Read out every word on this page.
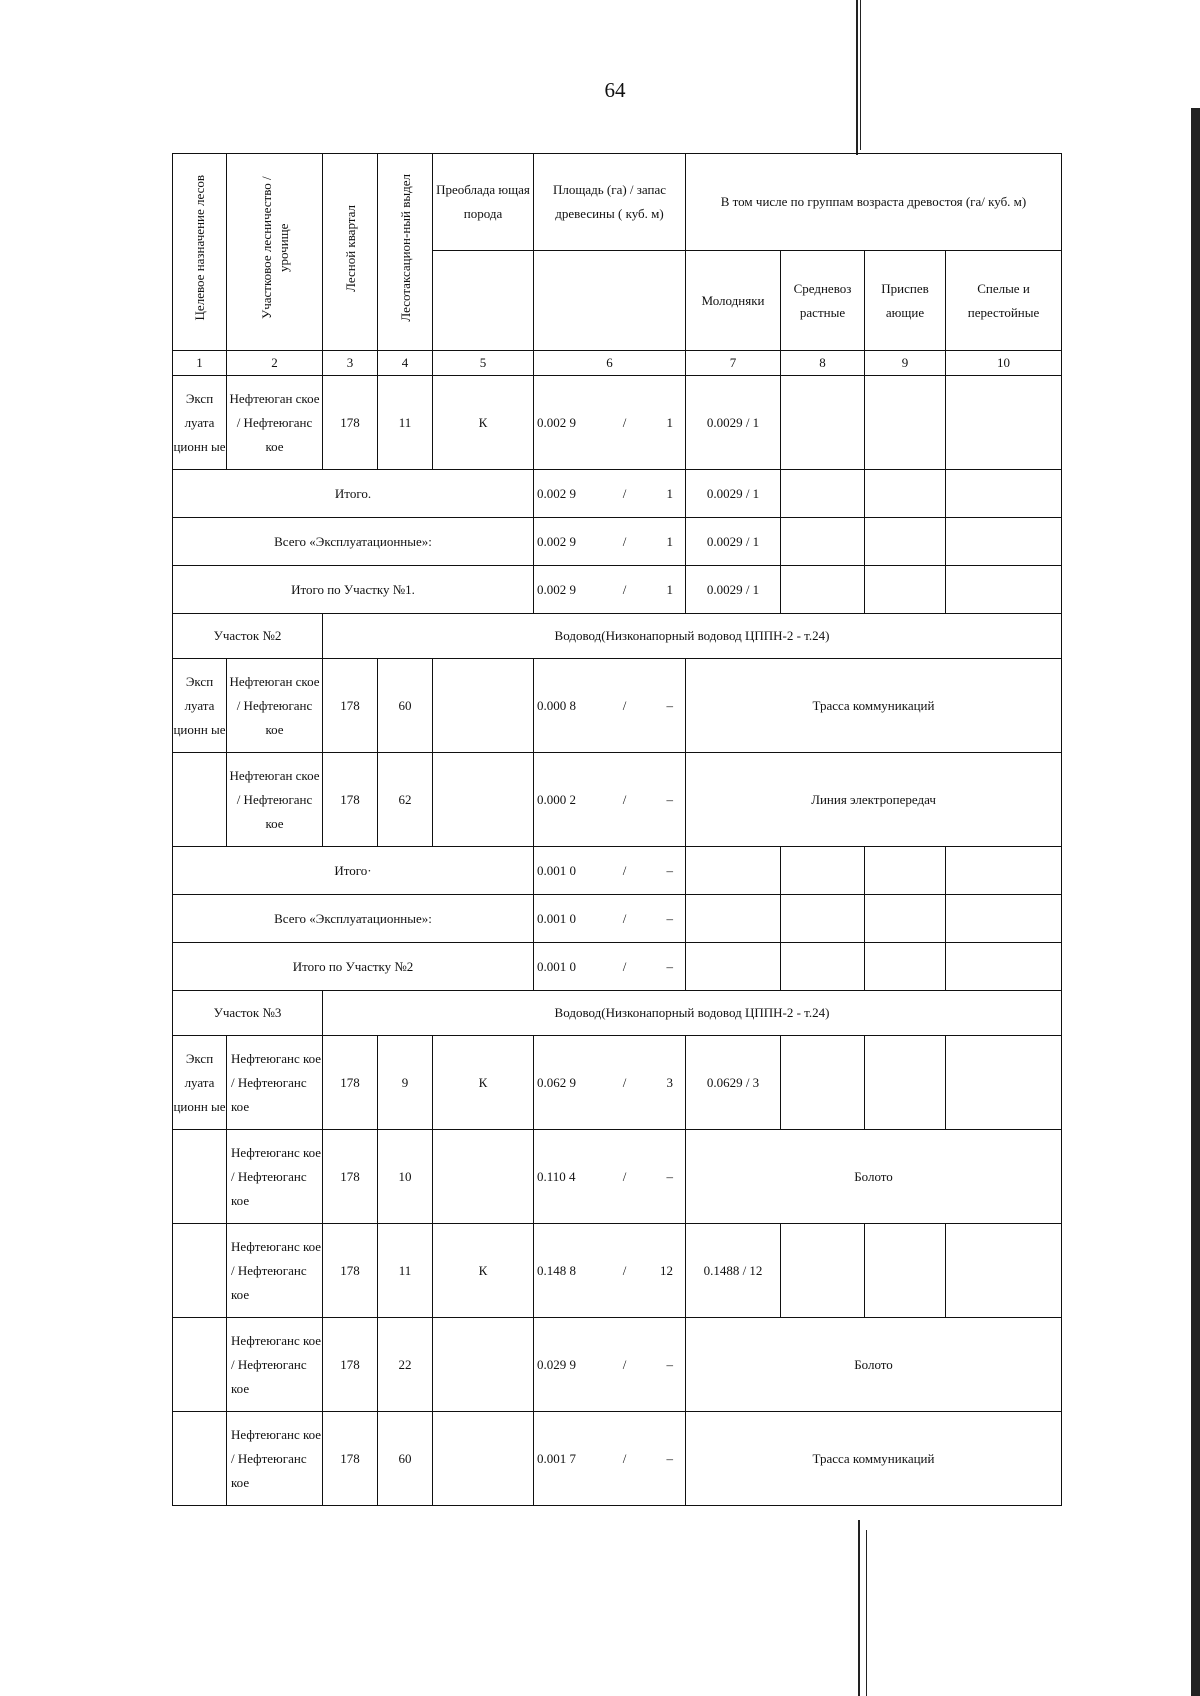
64
Целевое назначение лесов	Участковое лесничество / урочище	Лесной квартал	Лесотаксацион-ный выдел	Преоблада ющая порода	Площадь (га) / запас древесины ( куб. м)	В том числе по группам возраста древостоя (га/ куб. м)			
						Молодняки	Средневоз растные	Приспев ающие	Спелые и перестойные
1	2	3	4	5	6	7	8	9	10
Эксп луата ционн ые	Нефтеюган ское / Нефтеюганс кое	178	11	К	0.002 9 / 1	0.0029 / 1			
Итого.					0.002 9 / 1	0.0029 / 1			
Всего «Эксплуатационные»:					0.002 9 / 1	0.0029 / 1			
Итого по Участку №1.					0.002 9 / 1	0.0029 / 1			
Участок №2		Водовод(Низконапорный водовод ЦППН-2 - т.24)							
Эксп луата ционн ые	Нефтеюган ское / Нефтеюганс кое	178	60		0.000 8 / –	Трасса коммуникаций			
	Нефтеюган ское / Нефтеюганс кое	178	62		0.000 2 / –	Линия электропередач			
Итого·					0.001 0 / –				

Всего «Эксплуатационные»:					0.001 0 / –				

Итого по Участку №2					0.001 0 / –				

Участок №3		Водовод(Низконапорный водовод ЦППН-2 - т.24)							
Эксп луата ционн ые	Нефтеюганс кое / Нефтеюганс кое	178	9	К	0.062 9 / 3	0.0629 / 3			
	Нефтеюганс кое / Нефтеюганс кое	178	10		0.110 4 / –	Болото			
	Нефтеюганс кое / Нефтеюганс кое	178	11	К	0.148 8 / 12	0.1488 / 12			
	Нефтеюганс кое / Нефтеюганс кое	178	22		0.029 9 / –	Болото			
	Нефтеюганс кое / Нефтеюганс кое	178	60		0.001 7 / –	Трасса коммуникаций			
